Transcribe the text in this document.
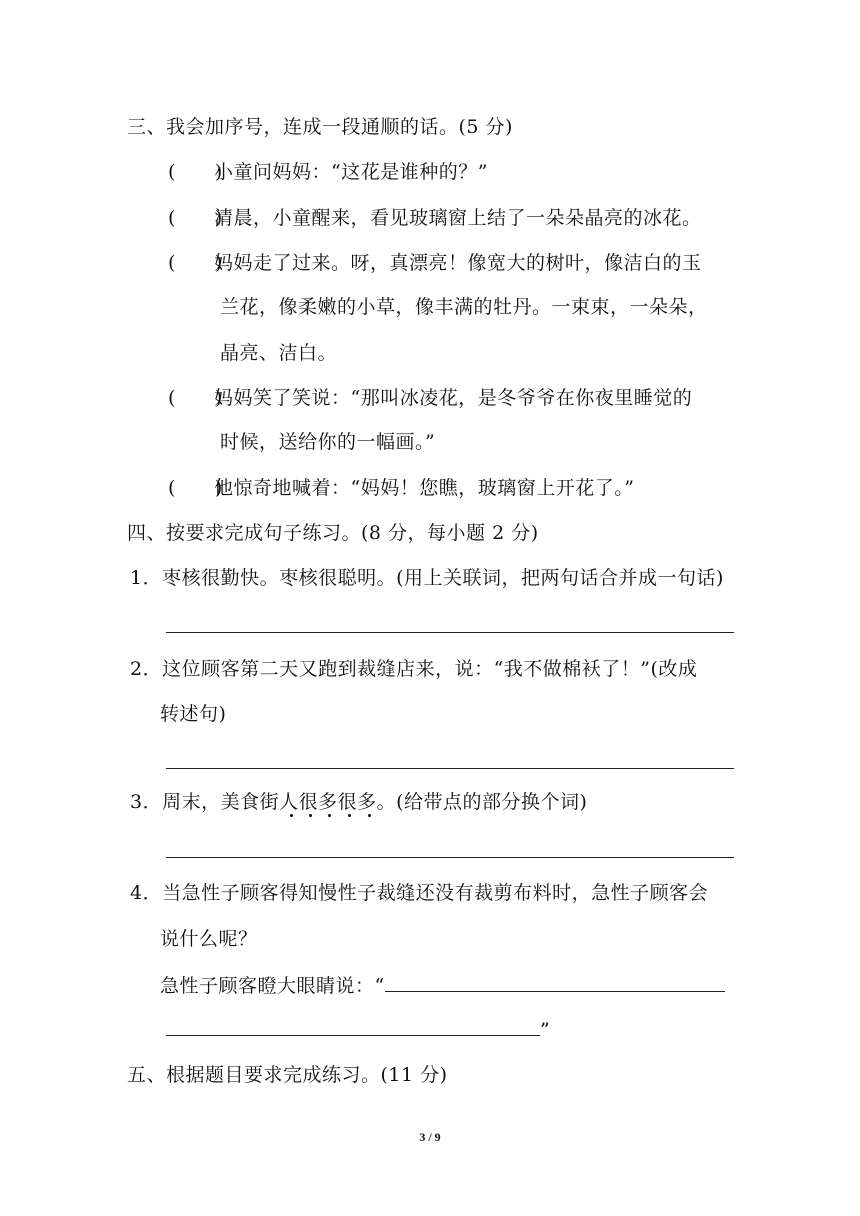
三、我会加序号，连成一段通顺的话。(5 分)
(　　)小童问妈妈：“这花是谁种的？”
(　　)清晨，小童醒来，看见玻璃窗上结了一朵朵晶亮的冰花。
(　　)妈妈走了过来。呀，真漂亮！像宽大的树叶，像洁白的玉
兰花，像柔嫩的小草，像丰满的牡丹。一束束，一朵朵，
晶亮、洁白。
(　　)妈妈笑了笑说：“那叫冰凌花，是冬爷爷在你夜里睡觉的
时候，送给你的一幅画。”
(　　)他惊奇地喊着：“妈妈！您瞧，玻璃窗上开花了。”
四、按要求完成句子练习。(8 分，每小题 2 分)
1．枣核很勤快。枣核很聪明。(用上关联词，把两句话合并成一句话)
2．这位顾客第二天又跑到裁缝店来，说：“我不做棉袄了！”(改成
转述句)
3．周末，美食街人很多很多。(给带点的部分换个词)
4．当急性子顾客得知慢性子裁缝还没有裁剪布料时，急性子顾客会
说什么呢？
急性子顾客瞪大眼睛说：“
”
五、根据题目要求完成练习。(11 分)
3 / 9
